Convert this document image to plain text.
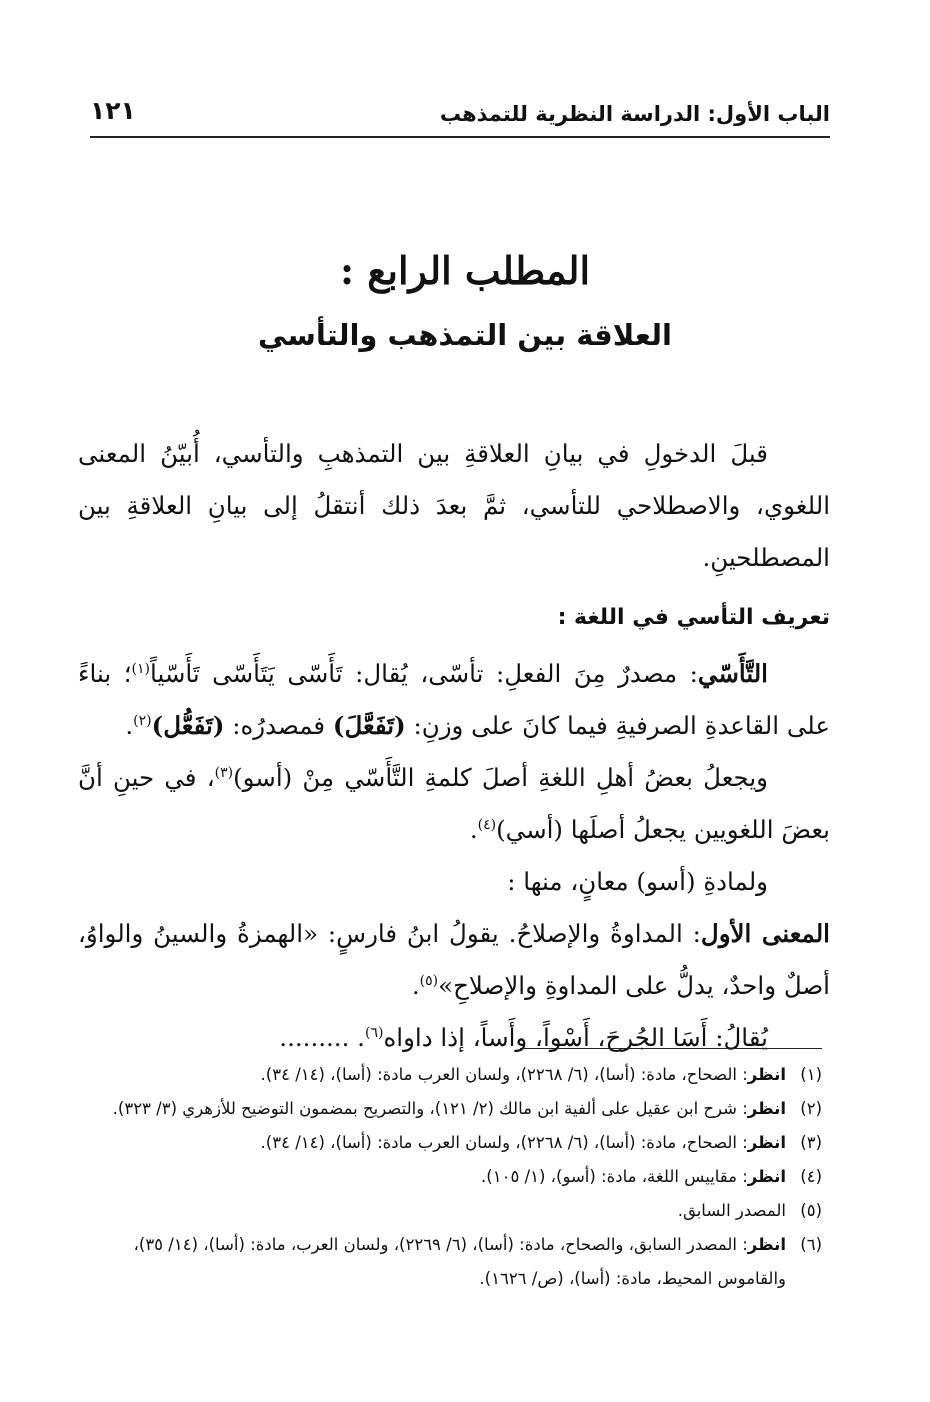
الباب الأول: الدراسة النظرية للتمذهب
١٢١
المطلب الرابع :
العلاقة بين التمذهب والتأسي

قبلَ الدخولِ في بيانِ العلاقةِ بين التمذهبِ والتأسي، أُبيّنُ المعنى اللغوي، والاصطلاحي للتأسي، ثمَّ بعدَ ذلك أنتقلُ إلى بيانِ العلاقةِ بين المصطلحينِ.

تعريف التأسي في اللغة :

التَّأَسّي: مصدرٌ مِنَ الفعلِ: تأسّى، يُقال: تَأَسّى يَتَأَسّى تَأَسّياً$^{(١)}$؛ بناءً على القاعدةِ الصرفيةِ فيما كانَ على وزنِ: (تَفَعَّلَ) فمصدرُه: (تَفَعُّل)$^{(٢)}$.

ويجعلُ بعضُ أهلِ اللغةِ أصلَ كلمةِ التَّأَسّي مِنْ (أسو)$^{(٣)}$، في حينِ أنَّ بعضَ اللغويين يجعلُ أصلَها (أسي)$^{(٤)}$.

ولمادةِ (أسو) معانٍ، منها :

المعنى الأول: المداوةُ والإصلاحُ. يقولُ ابنُ فارسٍ: «الهمزةُ والسينُ والواوُ، أصلٌ واحدٌ، يدلُّ على المداوةِ والإصلاحِ»$^{(٥)}$.

يُقالُ: أَسَا الجُرحَ، أَسْواً، وأَساً، إذا داواه$^{(٦)}$. .........

(١)
انظر: الصحاح، مادة: (أسا)، (٦/ ٢٢٦٨)، ولسان العرب مادة: (أسا)، (١٤/ ٣٤).
(٢)
انظر: شرح ابن عقيل على ألفية ابن مالك (٢/ ١٢١)، والتصريح بمضمون التوضيح للأزهري (٣/ ٣٢٣).
(٣)
انظر: الصحاح، مادة: (أسا)، (٦/ ٢٢٦٨)، ولسان العرب مادة: (أسا)، (١٤/ ٣٤).
(٤)
انظر: مقاييس اللغة، مادة: (أسو)، (١/ ١٠٥).
(٥)
المصدر السابق.
(٦)
انظر: المصدر السابق، والصحاح، مادة: (أسا)، (٦/ ٢٢٦٩)، ولسان العرب، مادة: (أسا)، (١٤/ ٣٥)، والقاموس المحيط، مادة: (أسا)، (ص/ ١٦٢٦).
